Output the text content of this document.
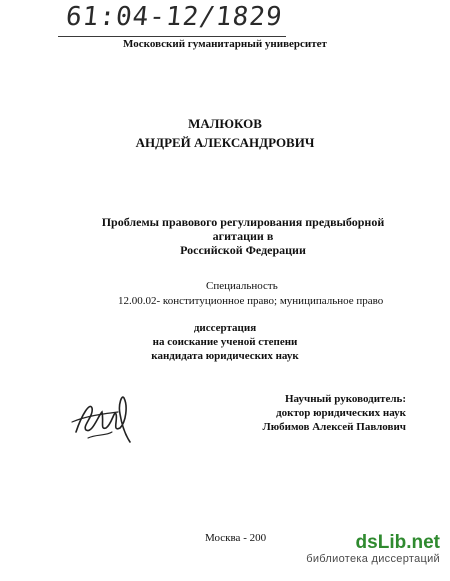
61:04-12/1829
Московский гуманитарный университет
МАЛЮКОВ
АНДРЕЙ АЛЕКСАНДРОВИЧ
Проблемы правового регулирования предвыборной агитации в
Российской Федерации
Специальность
12.00.02- конституционное право; муниципальное право
диссертация
на соискание ученой степени
кандидата юридических наук
Научный руководитель:
доктор юридических наук
Любимов Алексей Павлович
Москва - 200	dsLib.net
библиотека диссертаций
